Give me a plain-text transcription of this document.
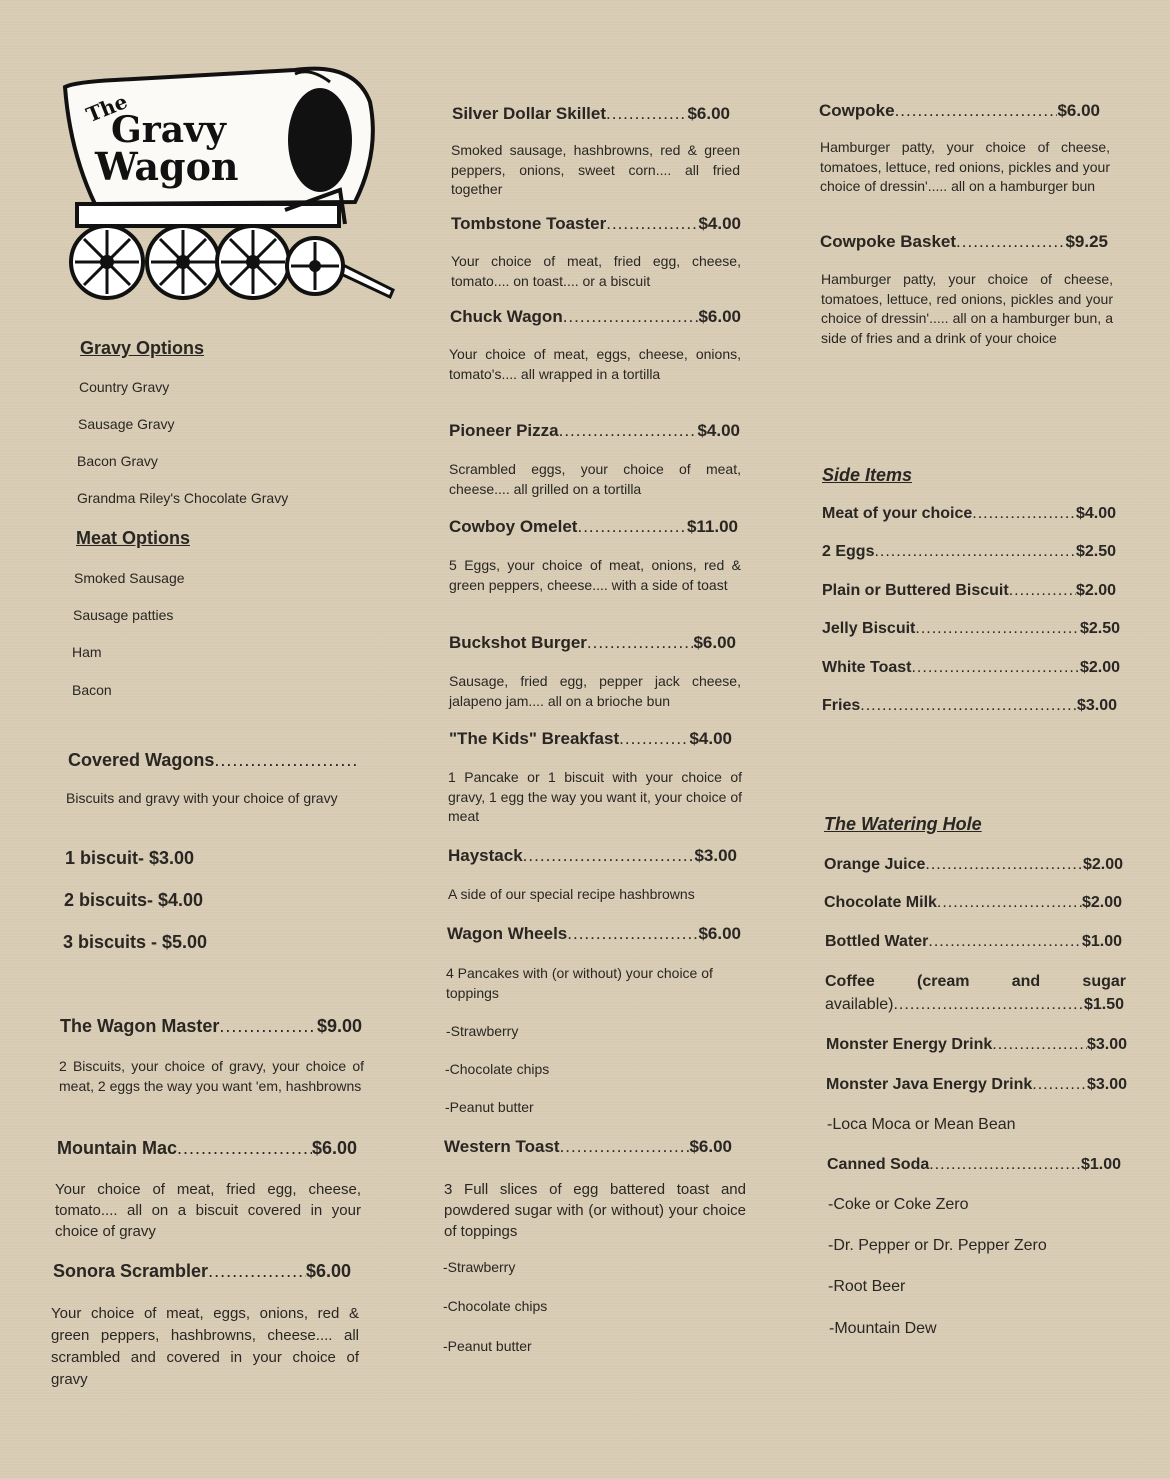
The
Gravy
Wagon
Gravy Options
Country Gravy
Sausage Gravy
Bacon Gravy
Grandma Riley's Chocolate Gravy
Meat Options
Smoked Sausage
Sausage patties
Ham
Bacon
Covered Wagons
.....
Biscuits and gravy with your choice of gravy
1 biscuit- $3.00
2 biscuits- $4.00
3 biscuits - $5.00
The Wagon Master .....	$9.00
2 Biscuits, your choice of gravy, your choice of meat, 2 eggs the way you want 'em, hashbrowns
Mountain Mac .....	$6.00
Your choice of meat, fried egg, cheese, tomato.... all on a biscuit covered in your choice of gravy
Sonora Scrambler .....	$6.00
Your choice of meat, eggs, onions, red & green peppers, hashbrowns, cheese.... all scrambled and covered in your choice of gravy
Silver Dollar Skillet .....	$6.00
Smoked sausage, hashbrowns, red & green peppers, onions, sweet corn.... all fried together
Tombstone Toaster .....	$4.00
Your choice of meat, fried egg, cheese, tomato.... on toast.... or a biscuit
Chuck Wagon .....	$6.00
Your choice of meat, eggs, cheese, onions, tomato's.... all wrapped in a tortilla
Pioneer Pizza .....	$4.00
Scrambled eggs, your choice of meat, cheese.... all grilled on a tortilla
Cowboy Omelet .....	$11.00
5 Eggs, your choice of meat, onions, red & green peppers, cheese.... with a side of toast
Buckshot Burger .....	$6.00
Sausage, fried egg, pepper jack cheese, jalapeno jam.... all on a brioche bun
"The Kids" Breakfast .....	$4.00
1 Pancake or 1 biscuit with your choice of gravy, 1 egg the way you want it, your choice of meat
Haystack .....	$3.00
A side of our special recipe hashbrowns
Wagon Wheels .....	$6.00
4 Pancakes with (or without) your choice of toppings
-Strawberry
-Chocolate chips
-Peanut butter
Western Toast .....	$6.00
3 Full slices of egg battered toast and powdered sugar with (or without) your choice of toppings
-Strawberry
-Chocolate chips
-Peanut butter
Cowpoke .....	$6.00
Hamburger patty, your choice of cheese, tomatoes, lettuce, red onions, pickles and your choice of dressin'..... all on a hamburger bun
Cowpoke Basket .....	$9.25
Hamburger patty, your choice of cheese, tomatoes, lettuce, red onions, pickles and your choice of dressin'..... all on a hamburger bun, a side of fries and a drink of your choice
Side Items
Meat of your choice .....	$4.00
2 Eggs .....	$2.50
Plain or Buttered Biscuit .....	$2.00
Jelly Biscuit .....	$2.50
White Toast .....	$2.00
Fries .....	$3.00
The Watering Hole
Orange Juice .....	$2.00
Chocolate Milk .....	$2.00
Bottled Water .....	$1.00
Coffee (cream and sugar
available) .....	$1.50
Monster Energy Drink .....	$3.00
Monster Java Energy Drink .....	$3.00
-Loca Moca or Mean Bean
Canned Soda .....	$1.00
-Coke or Coke Zero
-Dr. Pepper or Dr. Pepper Zero
-Root Beer
-Mountain Dew
